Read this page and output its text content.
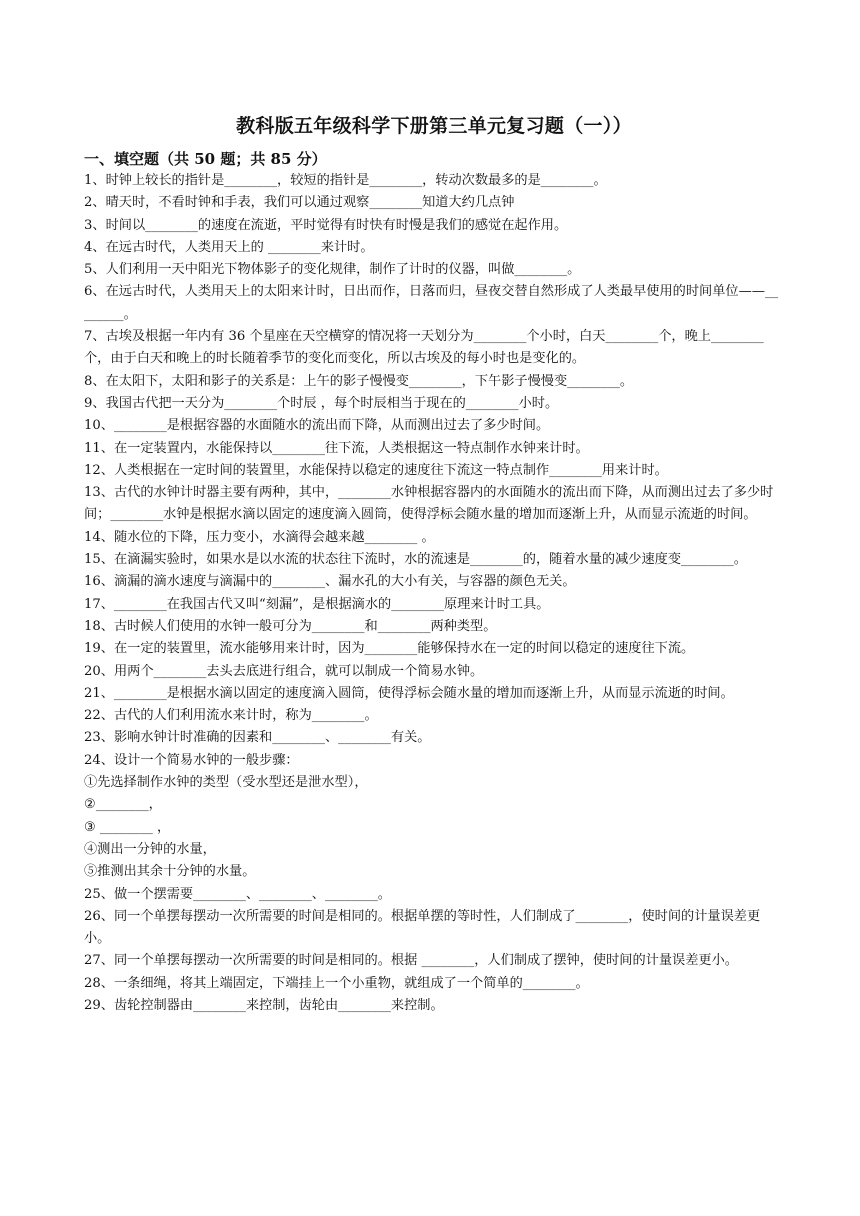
教科版五年级科学下册第三单元复习题（一））

一、填空题（共 50 题；共 85 分）

1、时钟上较长的指针是________，较短的指针是________，转动次数最多的是________。

2、晴天时，不看时钟和手表，我们可以通过观察________知道大约几点钟

3、时间以________的速度在流逝，平时觉得有时快有时慢是我们的感觉在起作用。

4、在远古时代，人类用天上的 ________来计时。

5、人们利用一天中阳光下物体影子的变化规律，制作了计时的仪器，叫做________。

6、在远古时代，人类用天上的太阳来计时，日出而作，日落而归，昼夜交替自然形成了人类最早使用的时间单位——________。

7、古埃及根据一年内有 36 个星座在天空横穿的情况将一天划分为________个小时，白天________个，晚上________个，由于白天和晚上的时长随着季节的变化而变化，所以古埃及的每小时也是变化的。

8、在太阳下，太阳和影子的关系是：上午的影子慢慢变________，下午影子慢慢变________。

9、我国古代把一天分为________个时辰 ，每个时辰相当于现在的________小时。

10、________是根据容器的水面随水的流出而下降，从而测出过去了多少时间。

11、在一定装置内，水能保持以________往下流，人类根据这一特点制作水钟来计时。

12、人类根据在一定时间的装置里，水能保持以稳定的速度往下流这一特点制作________用来计时。

13、古代的水钟计时器主要有两种，其中，________水钟根据容器内的水面随水的流出而下降，从而测出过去了多少时间；________水钟是根据水滴以固定的速度滴入圆筒，使得浮标会随水量的增加而逐渐上升，从而显示流逝的时间。

14、随水位的下降，压力变小，水滴得会越来越________ 。

15、在滴漏实验时，如果水是以水流的状态往下流时，水的流速是________的，随着水量的减少速度变________。

16、滴漏的滴水速度与滴漏中的________、漏水孔的大小有关，与容器的颜色无关。

17、________在我国古代又叫“刻漏”，是根据滴水的________原理来计时工具。

18、古时候人们使用的水钟一般可分为________和________两种类型。

19、在一定的装置里，流水能够用来计时，因为________能够保持水在一定的时间以稳定的速度往下流。

20、用两个________去头去底进行组合，就可以制成一个简易水钟。

21、________是根据水滴以固定的速度滴入圆筒，使得浮标会随水量的增加而逐渐上升，从而显示流逝的时间。

22、古代的人们利用流水来计时，称为________。

23、影响水钟计时准确的因素和________、________有关。

24、设计一个简易水钟的一般步骤：

①先选择制作水钟的类型（受水型还是泄水型），

②________，

③ ________ ，

④测出一分钟的水量，

⑤推测出其余十分钟的水量。

25、做一个摆需要________、________、________。

26、同一个单摆每摆动一次所需要的时间是相同的。根据单摆的等时性，人们制成了________，使时间的计量误差更小。

27、同一个单摆每摆动一次所需要的时间是相同的。根据 ________，人们制成了摆钟，使时间的计量误差更小。

28、一条细绳，将其上端固定，下端挂上一个小重物，就组成了一个简单的________。

29、齿轮控制器由________来控制，齿轮由________来控制。
